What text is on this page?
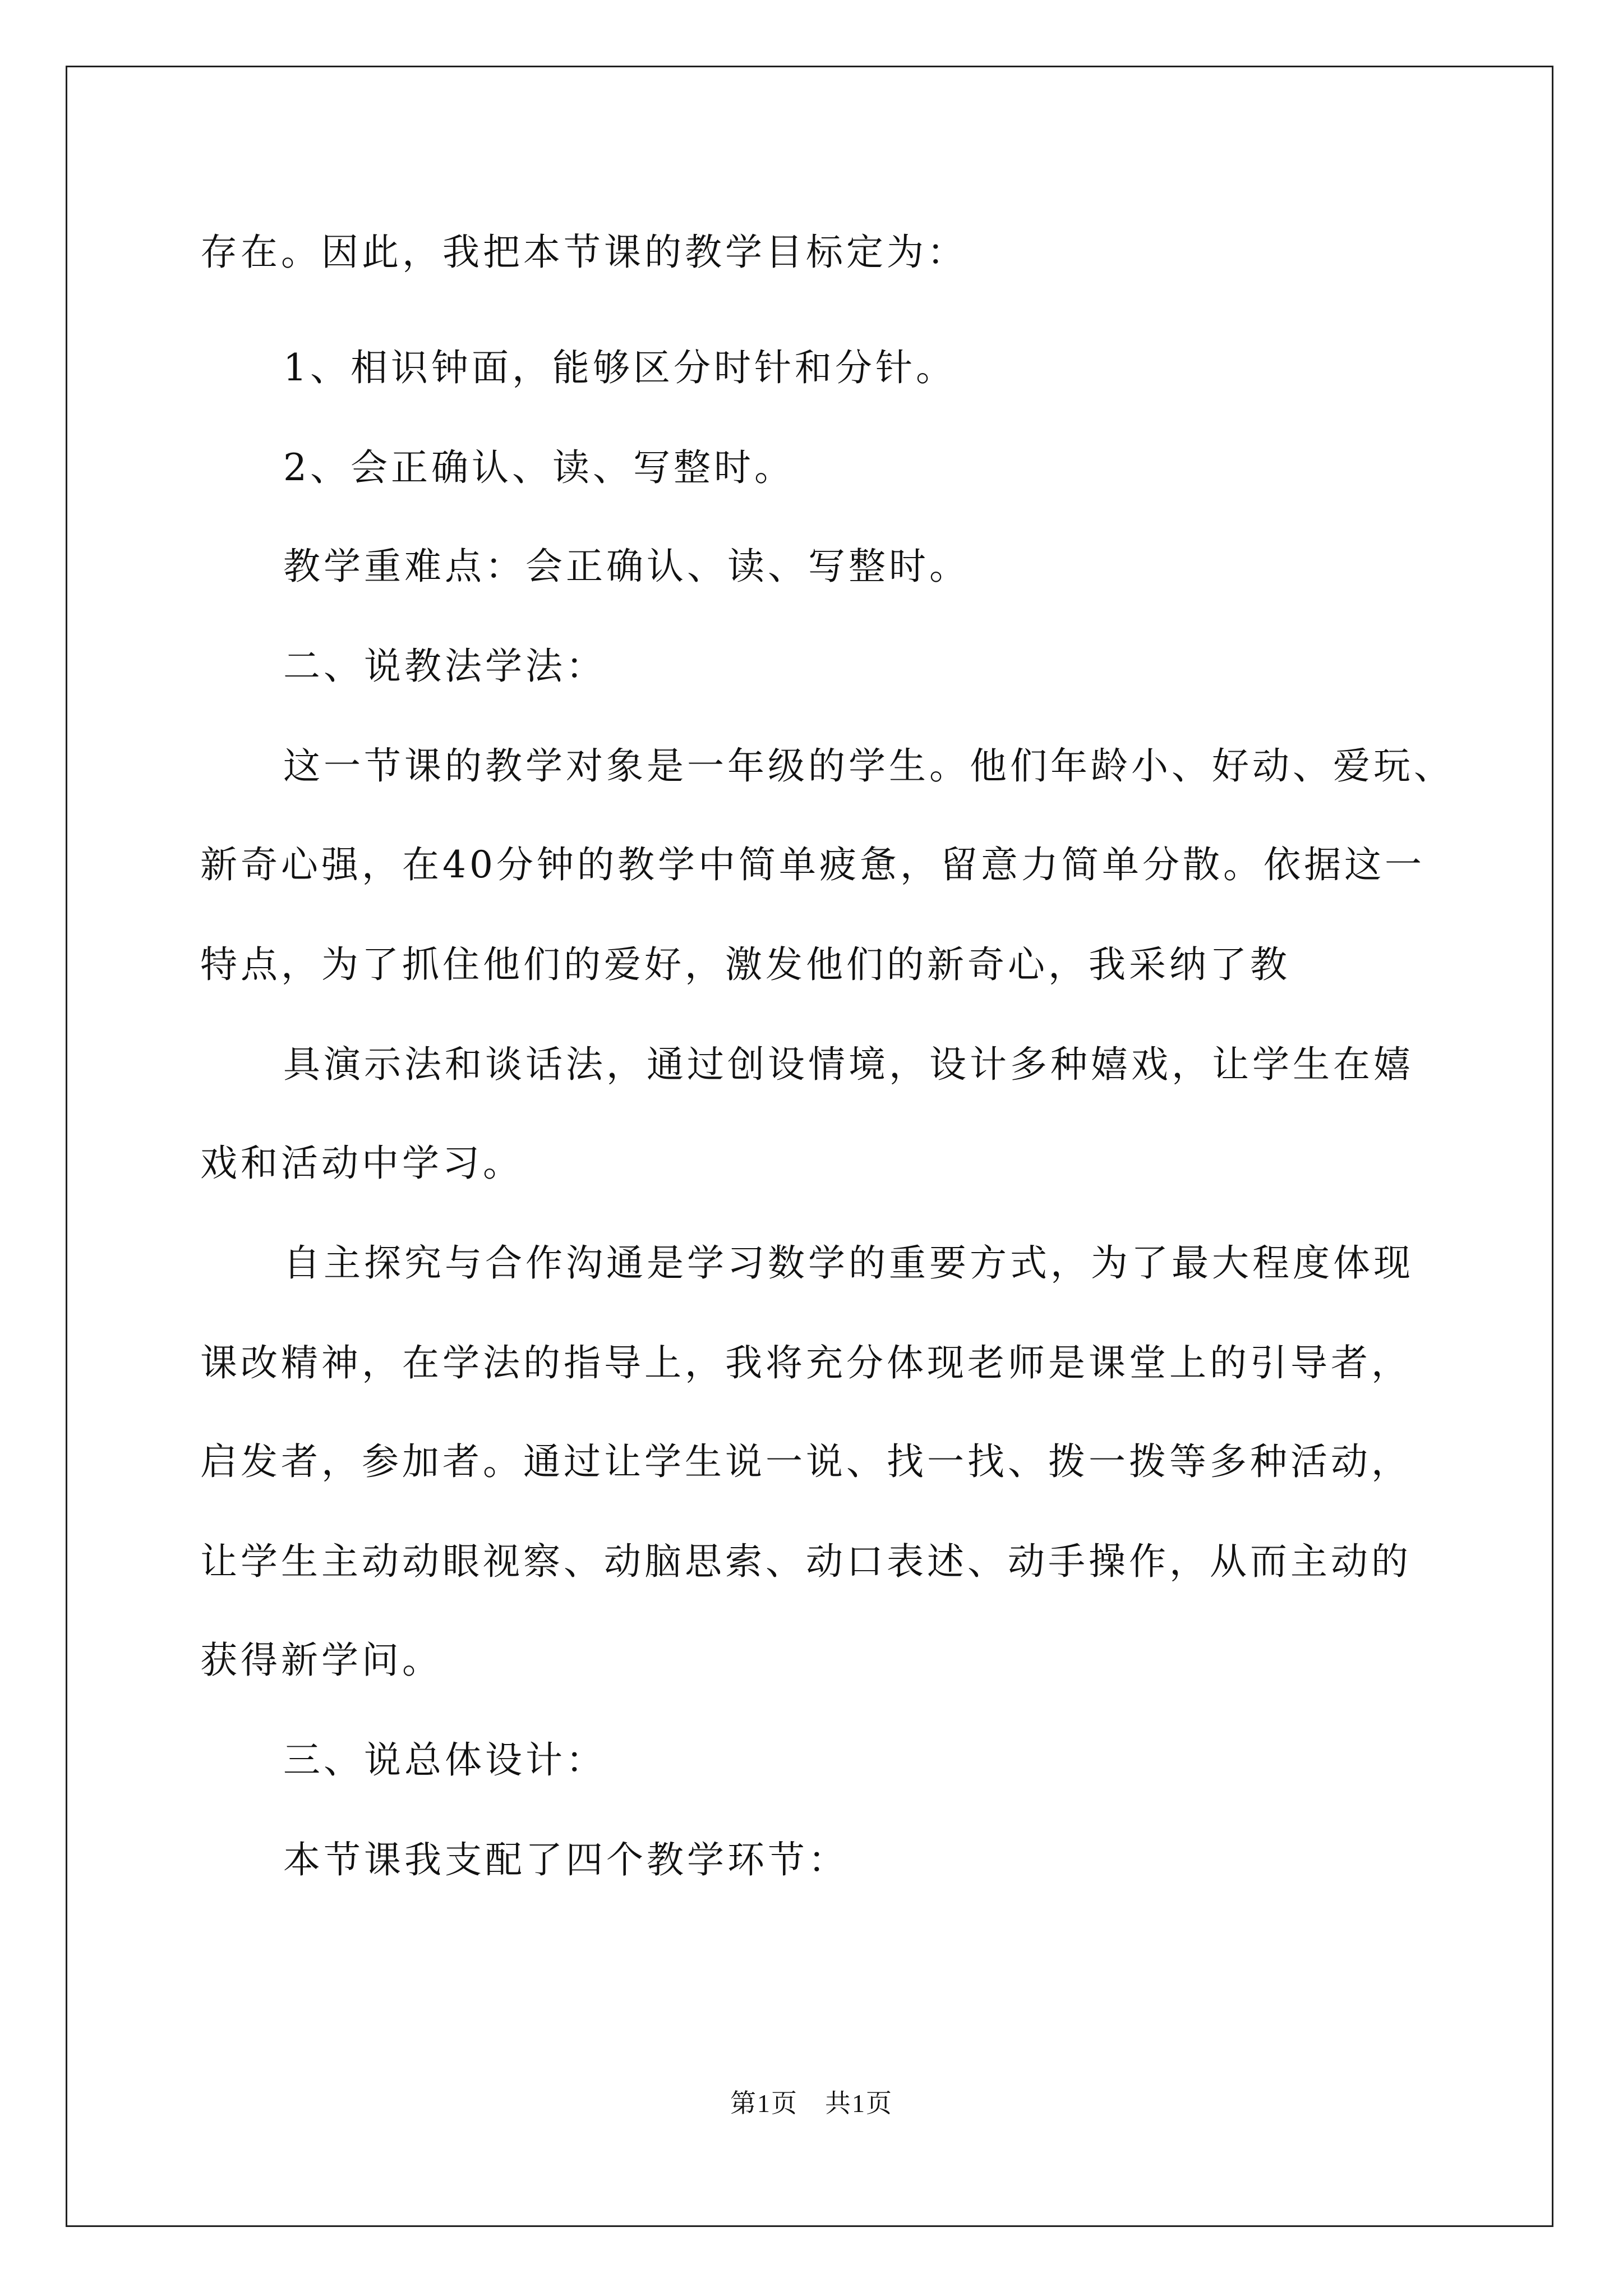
存在。因此，我把本节课的教学目标定为：
1、相识钟面，能够区分时针和分针。
2、会正确认、读、写整时。
教学重难点：会正确认、读、写整时。
二、说教法学法：
这一节课的教学对象是一年级的学生。他们年龄小、好动、爱玩、
新奇心强，在40分钟的教学中简单疲惫，留意力简单分散。依据这一
特点，为了抓住他们的爱好，激发他们的新奇心，我采纳了教
具演示法和谈话法，通过创设情境，设计多种嬉戏，让学生在嬉
戏和活动中学习。
自主探究与合作沟通是学习数学的重要方式，为了最大程度体现
课改精神，在学法的指导上，我将充分体现老师是课堂上的引导者，
启发者，参加者。通过让学生说一说、找一找、拨一拨等多种活动，
让学生主动动眼视察、动脑思索、动口表述、动手操作，从而主动的
获得新学问。
三、说总体设计：
本节课我支配了四个教学环节：
第1页　共1页
